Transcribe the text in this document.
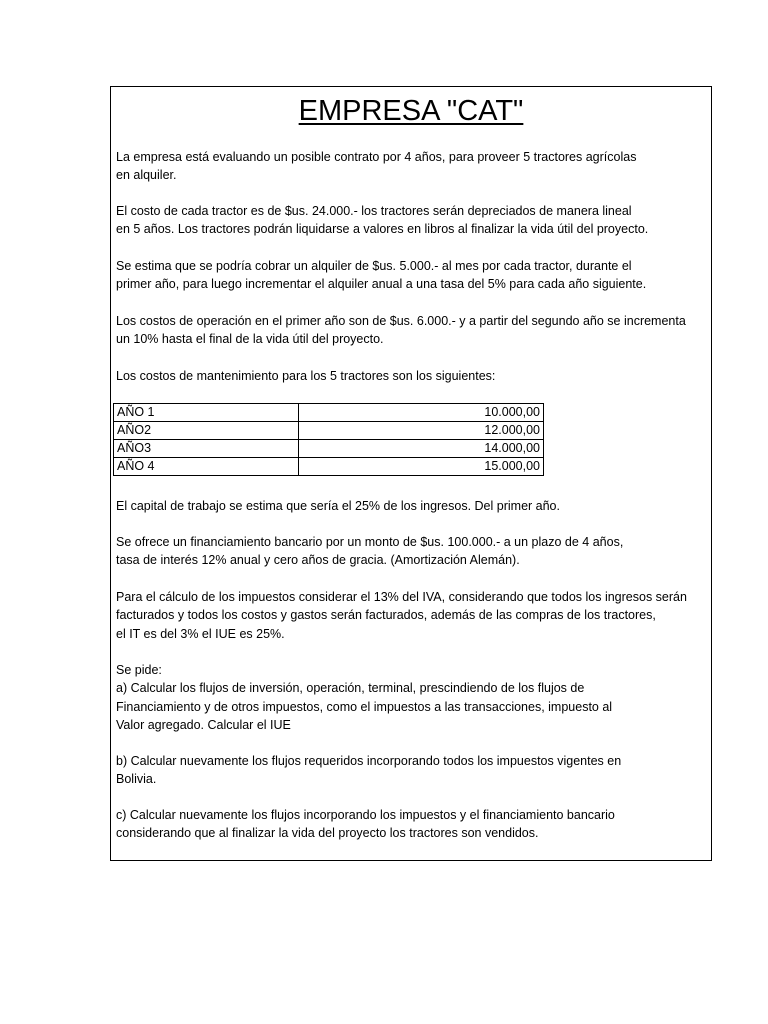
EMPRESA "CAT"
La empresa está evaluando un posible contrato por 4 años, para proveer 5 tractores agrícolas
en alquiler.
El costo de cada tractor es de $us. 24.000.- los tractores serán depreciados de manera lineal
en 5 años. Los tractores podrán liquidarse a valores en libros al finalizar la vida útil del proyecto.
Se estima que se podría cobrar un alquiler de $us. 5.000.- al mes por cada tractor, durante el
primer año, para luego incrementar el alquiler anual a una tasa del 5% para cada año siguiente.
Los costos de operación en el primer año son de $us. 6.000.- y a partir del segundo año se incrementa
un 10% hasta el final de la vida útil del proyecto.
Los costos de mantenimiento para los 5 tractores son los siguientes:
AÑO 1	10.000,00
AÑO2	12.000,00
AÑO3	14.000,00
AÑO 4	15.000,00
El capital de trabajo se estima que sería el 25% de los ingresos. Del primer año.
Se ofrece un financiamiento bancario por un monto de $us. 100.000.- a un plazo de 4 años,
tasa de interés 12% anual y cero años de gracia. (Amortización Alemán).
Para el cálculo de los impuestos considerar el 13% del IVA, considerando que todos los ingresos serán
facturados y todos los costos y gastos serán facturados, además de las compras de los tractores,
el IT es del 3% el IUE es 25%.
Se pide:
a) Calcular los flujos de inversión, operación, terminal, prescindiendo de los flujos de
Financiamiento y de otros impuestos, como el impuestos a las transacciones, impuesto al
Valor agregado. Calcular el IUE
b) Calcular nuevamente los flujos requeridos incorporando todos los impuestos vigentes en
Bolivia.
c) Calcular nuevamente los flujos incorporando los impuestos y el financiamiento bancario
considerando que al finalizar la vida del proyecto los tractores son vendidos.
